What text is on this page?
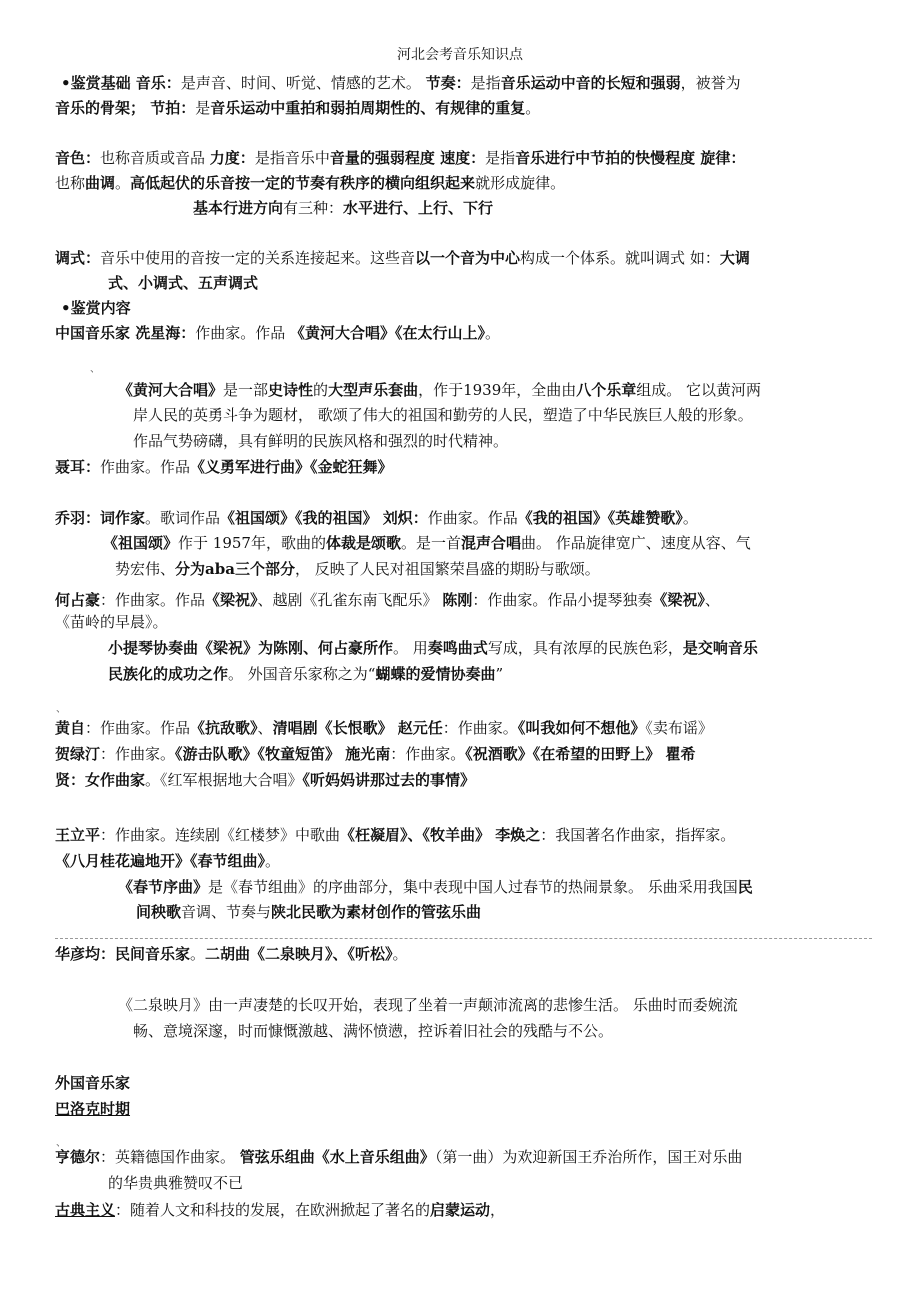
河北会考音乐知识点
•鉴赏基础 音乐：是声音、时间、听觉、情感的艺术。 节奏：是指音乐运动中音的长短和强弱，被誉为
音乐的骨架； 节拍：是音乐运动中重拍和弱拍周期性的、有规律的重复。
音色：也称音质或音品 力度：是指音乐中音量的强弱程度 速度：是指音乐进行中节拍的快慢程度 旋律：
也称曲调。高低起伏的乐音按一定的节奏有秩序的横向组织起来就形成旋律。
基本行进方向有三种：水平进行、上行、下行
调式：音乐中使用的音按一定的关系连接起来。这些音以一个音为中心构成一个体系。就叫调式 如：大调
式、小调式、五声调式
•鉴赏内容
中国音乐家 冼星海：作曲家。作品 《黄河大合唱》《在太行山上》。
、
《黄河大合唱》是一部史诗性的大型声乐套曲，作于1939年，全曲由八个乐章组成。 它以黄河两
岸人民的英勇斗争为题材， 歌颂了伟大的祖国和勤劳的人民，塑造了中华民族巨人般的形象。
作品气势磅礴，具有鲜明的民族风格和强烈的时代精神。
聂耳：作曲家。作品《义勇军进行曲》《金蛇狂舞》
乔羽：词作家。歌词作品《祖国颂》《我的祖国》 刘炽：作曲家。作品《我的祖国》《英雄赞歌》。
《祖国颂》作于 1957年，歌曲的体裁是颂歌。是一首混声合唱曲。 作品旋律宽广、速度从容、气
势宏伟、分为aba三个部分， 反映了人民对祖国繁荣昌盛的期盼与歌颂。
何占豪：作曲家。作品《梁祝》、越剧《孔雀东南飞配乐》 陈刚：作曲家。作品小提琴独奏《梁祝》、
《苗岭的早晨》。
小提琴协奏曲《梁祝》为陈刚、何占豪所作。 用奏鸣曲式写成，具有浓厚的民族色彩，是交响音乐
民族化的成功之作。 外国音乐家称之为“蝴蝶的爱情协奏曲”
、
黄自：作曲家。作品《抗敌歌》、清唱剧《长恨歌》 赵元任：作曲家。《叫我如何不想他》《卖布谣》
贺绿汀：作曲家。《游击队歌》《牧童短笛》 施光南：作曲家。《祝酒歌》《在希望的田野上》 瞿希
贤：女作曲家。《红军根据地大合唱》《听妈妈讲那过去的事情》
王立平：作曲家。连续剧《红楼梦》中歌曲《枉凝眉》、《牧羊曲》 李焕之：我国著名作曲家，指挥家。
《八月桂花遍地开》《春节组曲》。
《春节序曲》是《春节组曲》的序曲部分，集中表现中国人过春节的热闹景象。 乐曲采用我国民
间秧歌音调、节奏与陕北民歌为素材创作的管弦乐曲
华彦均：民间音乐家。二胡曲《二泉映月》、《听松》。
《二泉映月》由一声凄楚的长叹开始，表现了坐着一声颠沛流离的悲惨生活。 乐曲时而委婉流
畅、意境深邃，时而慷慨激越、满怀愤懑，控诉着旧社会的残酷与不公。
外国音乐家
巴洛克时期
、
亨德尔：英籍德国作曲家。 管弦乐组曲《水上音乐组曲》（第一曲）为欢迎新国王乔治所作，国王对乐曲
的华贵典雅赞叹不已
古典主义：随着人文和科技的发展，在欧洲掀起了著名的启蒙运动，
